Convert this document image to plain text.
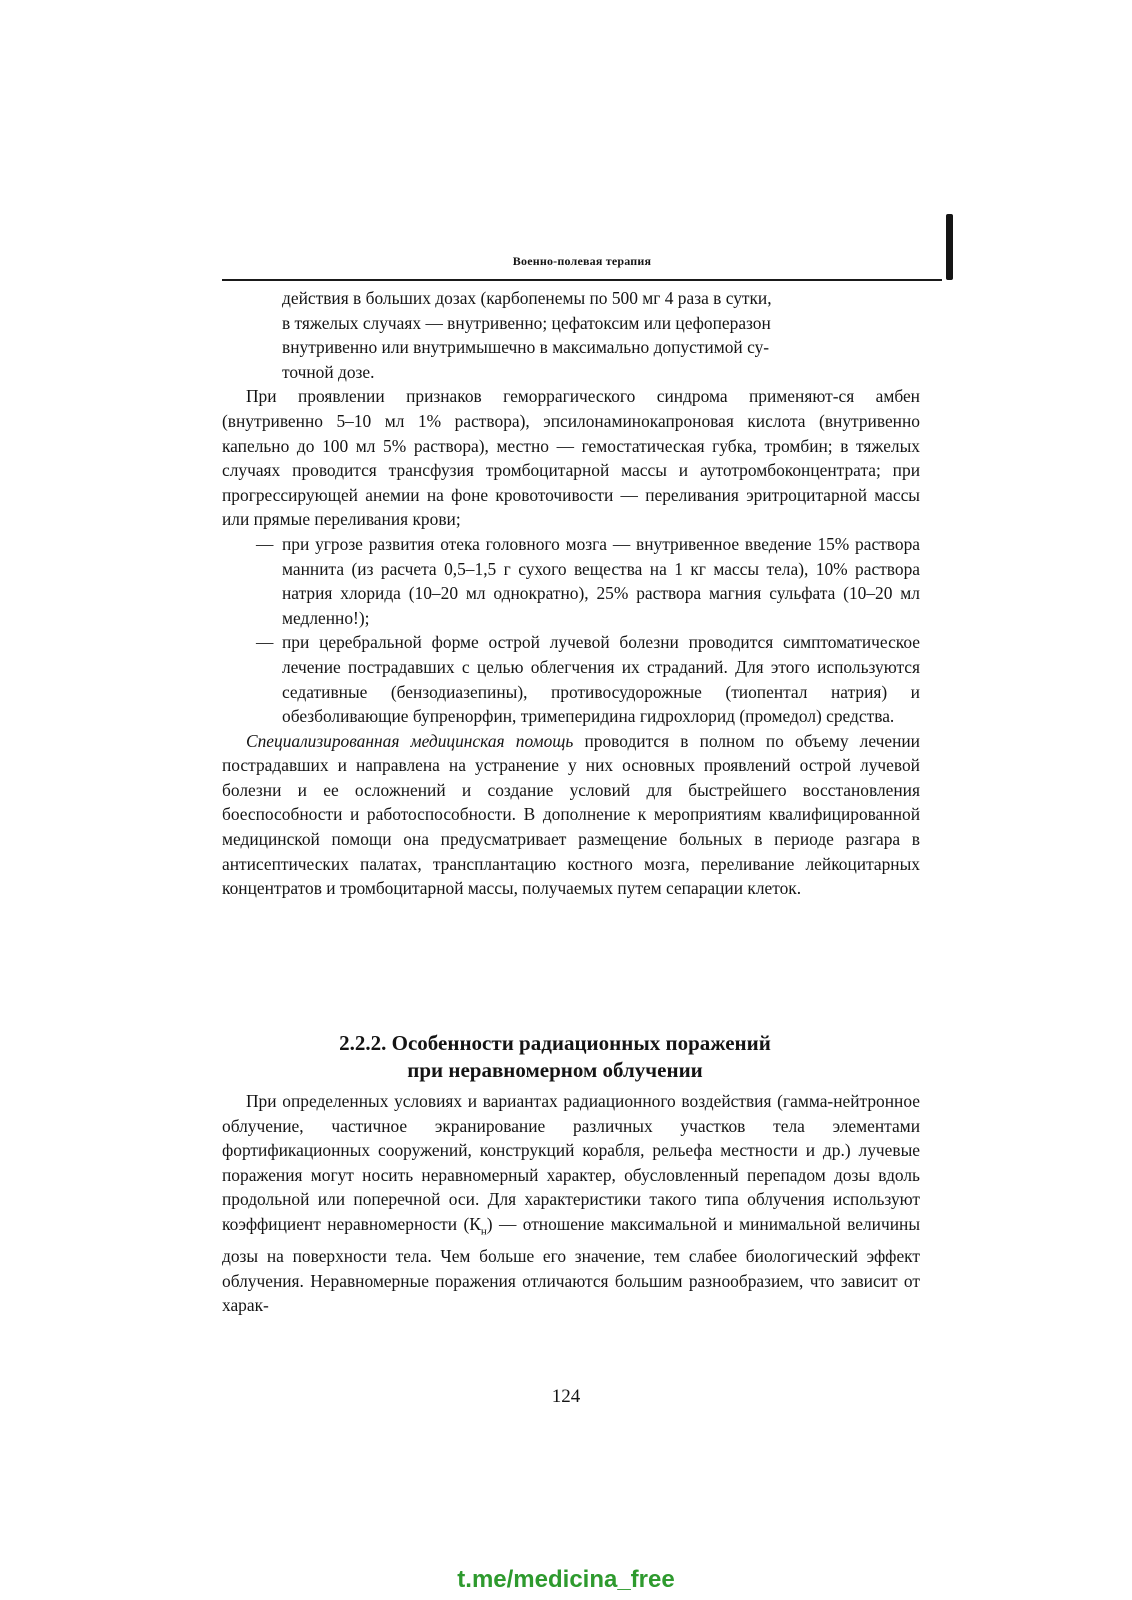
Военно-полевая терапия

действия в больших дозах (карбопенемы по 500 мг 4 раза в сутки,

в тяжелых случаях — внутривенно; цефатоксим или цефоперазон

внутривенно или внутримышечно в максимально допустимой су-

точной дозе.

При проявлении признаков геморрагического синдрома применяют-ся амбен (внутривенно 5–10 мл 1% раствора), эпсилонаминокапроновая кислота (внутривенно капельно до 100 мл 5% раствора), местно — гемостатическая губка, тромбин; в тяжелых случаях проводится трансфузия тромбоцитарной массы и аутотромбоконцентрата; при прогрессирующей анемии на фоне кровоточивости — переливания эритроцитарной массы или прямые переливания крови;

— при угрозе развития отека головного мозга — внутривенное введение 15% раствора маннита (из расчета 0,5–1,5 г сухого вещества на 1 кг массы тела), 10% раствора натрия хлорида (10–20 мл однократно), 25% раствора магния сульфата (10–20 мл медленно!);

— при церебральной форме острой лучевой болезни проводится симптоматическое лечение пострадавших с целью облегчения их страданий. Для этого используются седативные (бензодиазепины), противосудорожные (тиопентал натрия) и обезболивающие бупренорфин, тримеперидина гидрохлорид (промедол) средства.

Специализированная медицинская помощь проводится в полном по объему лечении пострадавших и направлена на устранение у них основных проявлений острой лучевой болезни и ее осложнений и создание условий для быстрейшего восстановления боеспособности и работоспособности. В дополнение к мероприятиям квалифицированной медицинской помощи она предусматривает размещение больных в периоде разгара в антисептических палатах, трансплантацию костного мозга, переливание лейкоцитарных концентратов и тромбоцитарной массы, получаемых путем сепарации клеток.

2.2.2. Особенности радиационных поражений
при неравномерном облучении

При определенных условиях и вариантах радиационного воздействия (гамма-нейтронное облучение, частичное экранирование различных участков тела элементами фортификационных сооружений, конструкций корабля, рельефа местности и др.) лучевые поражения могут носить неравномерный характер, обусловленный перепадом дозы вдоль продольной или поперечной оси. Для характеристики такого типа облучения используют коэффициент неравномерности $(К_н)$ — отношение максимальной и минимальной величины дозы на поверхности тела. Чем больше его значение, тем слабее биологический эффект облучения. Неравномерные поражения отличаются большим разнообразием, что зависит от харак-

124
t.me/medicina_free
